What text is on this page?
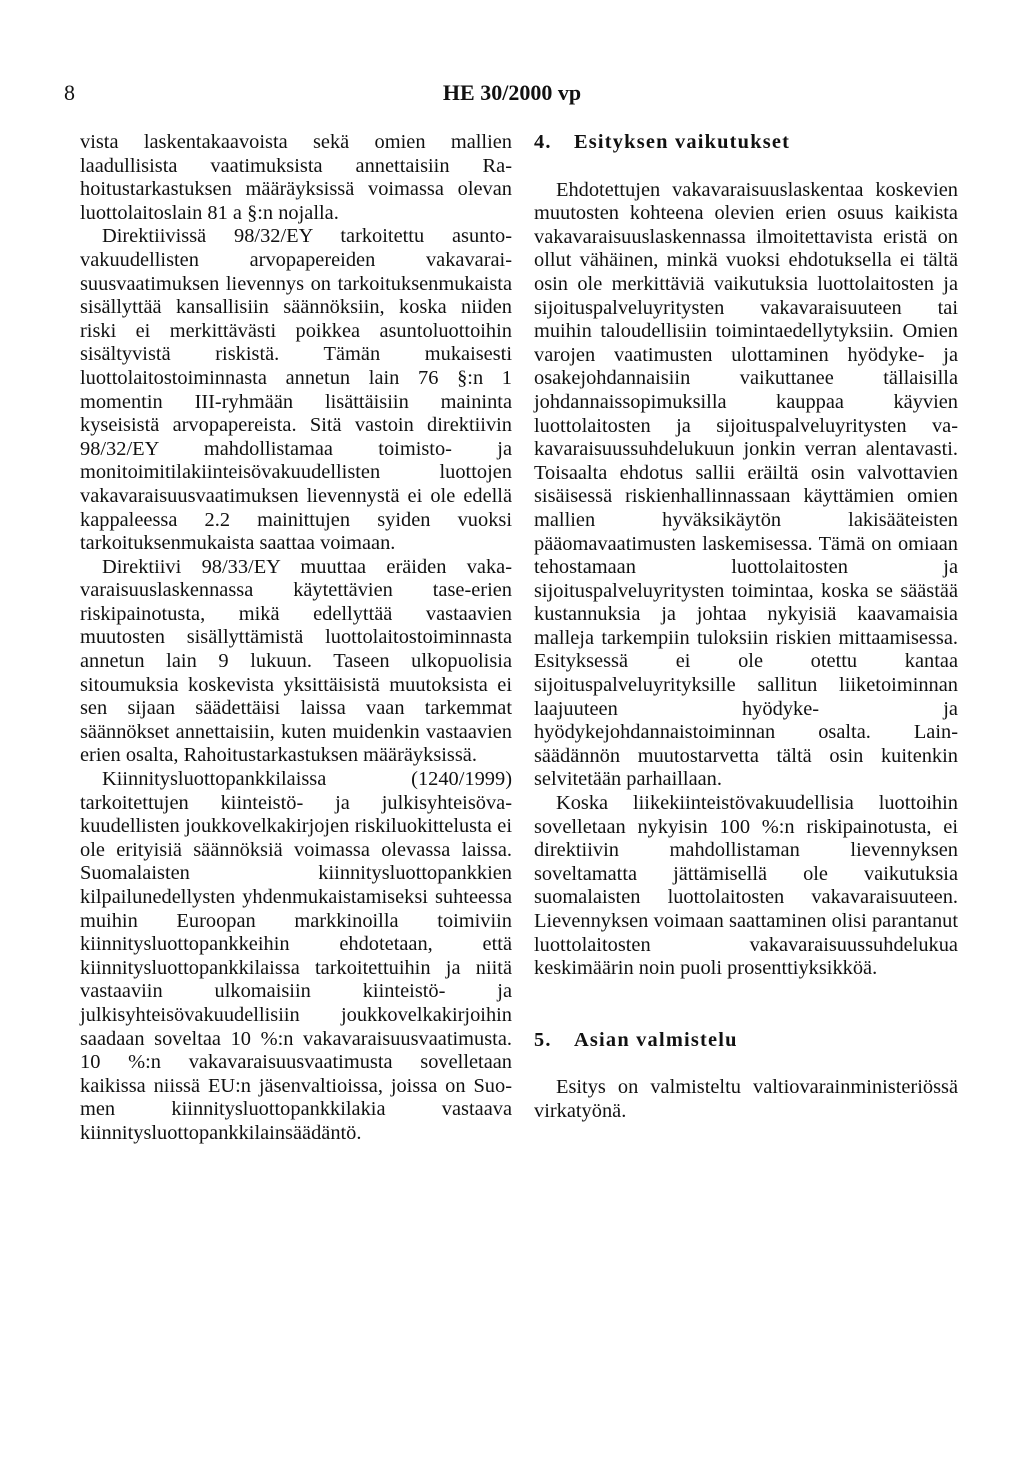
8	HE 30/2000 vp

vista laskentakaavoista sekä omien mallien laadullisista vaatimuksista annettaisiin Rahoitustarkastuksen määräyksissä voimassa olevan luottolaitoslain 81 a §:n nojalla.

Direktiivissä 98/32/EY tarkoitettu asuntovakuudellisten arvopapereiden vakavaraisuusvaatimuksen lievennys on tarkoituksenmukaista sisällyttää kansallisiin säännöksiin, koska niiden riski ei merkittävästi poikkea asuntoluottoihin sisältyvistä riskistä. Tämän mukaisesti luottolaitostoiminnasta annetun lain 76 §:n 1 momentin III-ryhmään lisättäisiin maininta kyseisistä arvopapereista. Sitä vastoin direktiivin 98/32/EY mahdollistamaa toimisto- ja monitoimitilakiinteisövakuudellisten luottojen vakavaraisuusvaatimuksen lievennystä ei ole edellä kappaleessa 2.2 mainittujen syiden vuoksi tarkoituksenmukaista saattaa voimaan.

Direktiivi 98/33/EY muuttaa eräiden vakavaraisuuslaskennassa käytettävien tase-erien riskipainotusta, mikä edellyttää vastaavien muutosten sisällyttämistä luottolaitostoiminnasta annetun lain 9 lukuun. Taseen ulkopuolisia sitoumuksia koskevista yksittäisistä muutoksista ei sen sijaan säädettäisi laissa vaan tarkemmat säännökset annettaisiin, kuten muidenkin vastaavien erien osalta, Rahoitustarkastuksen määräyksissä.

Kiinnitysluottopankkilaissa (1240/1999) tarkoitettujen kiinteistö- ja julkisyhteisövakuudellisten joukkovelkakirjojen riskiluokittelusta ei ole erityisiä säännöksiä voimassa olevassa laissa. Suomalaisten kiinnitysluottopankkien kilpailunedellysten yhdenmukaistamiseksi suhteessa muihin Euroopan markkinoilla toimiviin kiinnitysluottopankkeihin ehdotetaan, että kiinnitysluottopankkilaissa tarkoitettuihin ja niitä vastaaviin ulkomaisiin kiinteistö- ja julkisyhteisövakuudellisiin joukkovelkakirjoihin saadaan soveltaa 10 %:n vakavaraisuusvaatimusta. 10 %:n vakavaraisuusvaatimusta sovelletaan kaikissa niissä EU:n jäsenvaltioissa, joissa on Suomen kiinnitysluottopankkilakia vastaava kiinnitysluottopankkilainsäädäntö.

4. Esityksen vaikutukset

Ehdotettujen vakavaraisuuslaskentaa koskevien muutosten kohteena olevien erien osuus kaikista vakavaraisuuslaskennassa ilmoitettavista eristä on ollut vähäinen, minkä vuoksi ehdotuksella ei tältä osin ole merkittäviä vaikutuksia luottolaitosten ja sijoituspalveluyritysten vakavaraisuuteen tai muihin taloudellisiin toimintaedellytyksiin. Omien varojen vaatimusten ulottaminen hyödyke- ja osakejohdannaisiin vaikuttanee tällaisilla johdannaissopimuksilla kauppaa käyvien luottolaitosten ja sijoituspalveluyritysten vakavaraisuussuhdelukuun jonkin verran alentavasti. Toisaalta ehdotus sallii eräiltä osin valvottavien sisäisessä riskienhallinnassaan käyttämien omien mallien hyväksikäytön lakisääteisten pääomavaatimusten laskemisessa. Tämä on omiaan tehostamaan luottolaitosten ja sijoituspalveluyritysten toimintaa, koska se säästää kustannuksia ja johtaa nykyisiä kaavamaisia malleja tarkempiin tuloksiin riskien mittaamisessa. Esityksessä ei ole otettu kantaa sijoituspalveluyrityksille sallitun liiketoiminnan laajuuteen hyödyke- ja hyödykejohdannaistoiminnan osalta. Lainsäädännön muutostarvetta tältä osin kuitenkin selvitetään parhaillaan.

Koska liikekiinteistövakuudellisia luottoihin sovelletaan nykyisin 100 %:n riskipainotusta, ei direktiivin mahdollistaman lievennyksen soveltamatta jättämisellä ole vaikutuksia suomalaisten luottolaitosten vakavaraisuuteen. Lievennyksen voimaan saattaminen olisi parantanut luottolaitosten vakavaraisuussuhdelukua keskimäärin noin puoli prosenttiyksikköä.

5. Asian valmistelu

Esitys on valmisteltu valtiovarainministeriössä virkatyönä.
